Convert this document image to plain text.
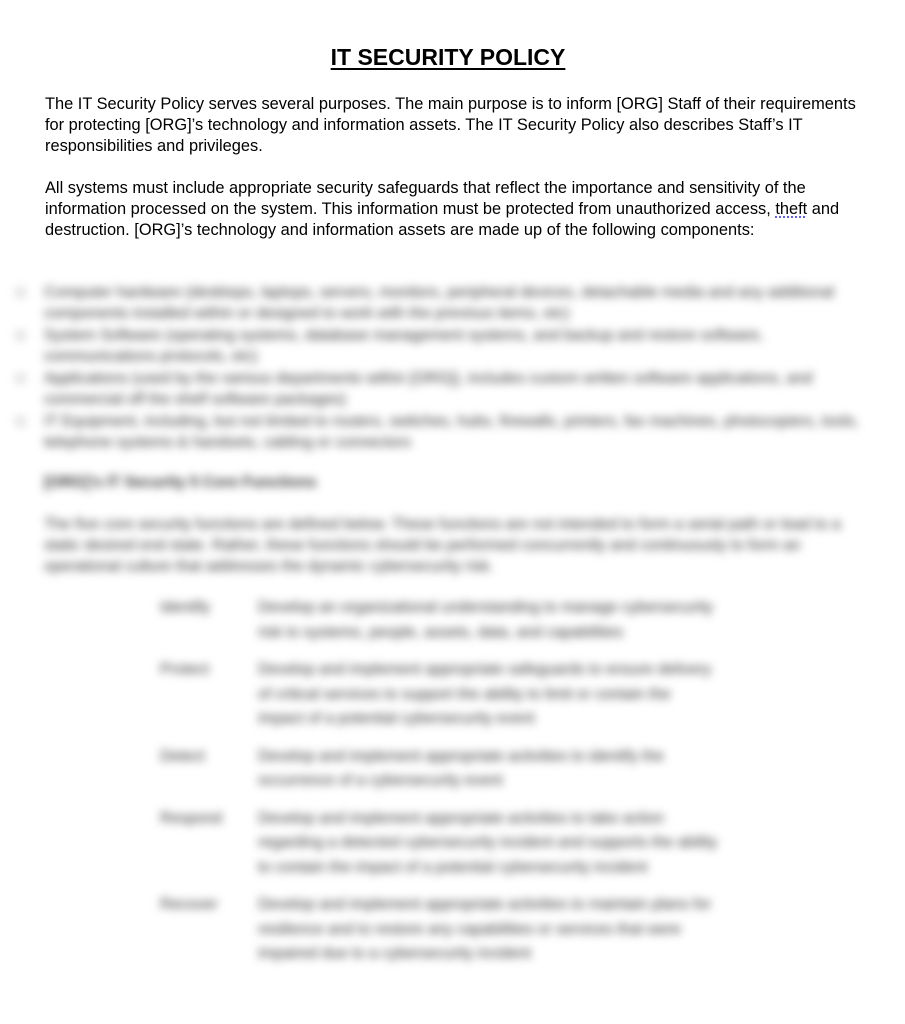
IT SECURITY POLICY

The IT Security Policy serves several purposes. The main purpose is to inform [ORG] Staff of their requirements for protecting [ORG]’s technology and information assets. The IT Security Policy also describes Staff’s IT responsibilities and privileges.

All systems must include appropriate security safeguards that reflect the importance and sensitivity of the information processed on the system. This information must be protected from unauthorized access, theft and destruction. [ORG]’s technology and information assets are made up of the following components:

Computer hardware (desktops, laptops, servers, monitors, peripheral devices, detachable media and any additional components installed within or designed to work with the previous items, etc)
System Software (operating systems, database management systems, and backup and restore software, communications protocols, etc)
Applications (used by the various departments within [ORG]), includes custom written software applications, and commercial off the shelf software packages)
IT Equipment, including, but not limited to routers, switches, hubs, firewalls, printers, fax machines, photocopiers, tools, telephone systems & handsets, cabling or connectors
[ORG]’s IT Security 5 Core Functions
The five core security functions are defined below. These functions are not intended to form a serial path or lead to a static desired end state. Rather, these functions should be performed concurrently and continuously to form an operational culture that addresses the dynamic cybersecurity risk.
Identify	Develop an organizational understanding to manage cybersecurity risk to systems, people, assets, data, and capabilities
Protect	Develop and implement appropriate safeguards to ensure delivery of critical services to support the ability to limit or contain the impact of a potential cybersecurity event
Detect	Develop and implement appropriate activities to identify the occurrence of a cybersecurity event
Respond	Develop and implement appropriate activities to take action regarding a detected cybersecurity incident and supports the ability to contain the impact of a potential cybersecurity incident
Recover	Develop and implement appropriate activities to maintain plans for resilience and to restore any capabilities or services that were impaired due to a cybersecurity incident
